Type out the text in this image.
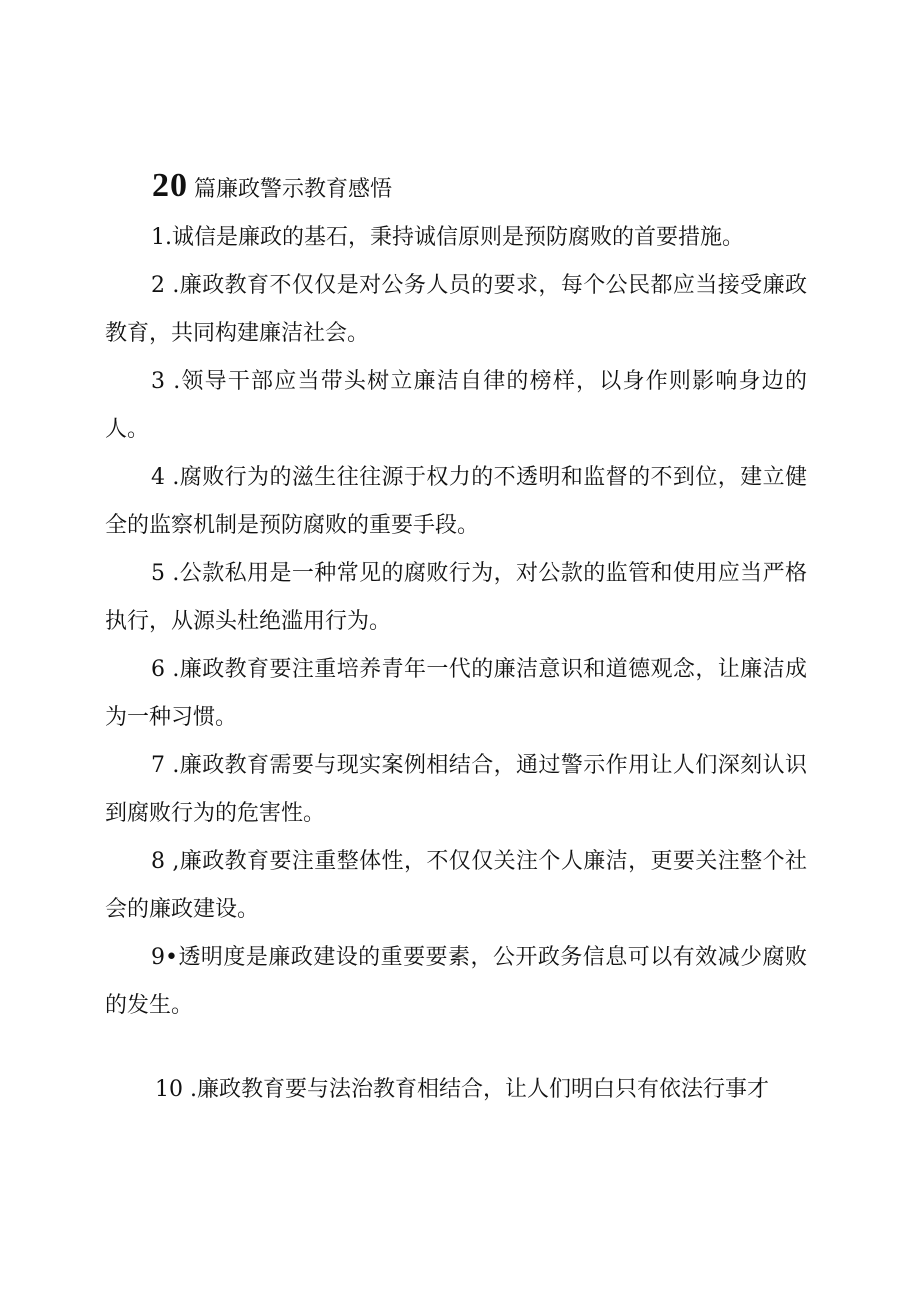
20 篇廉政警示教育感悟

1.诚信是廉政的基石，秉持诚信原则是预防腐败的首要措施。

2 .廉政教育不仅仅是对公务人员的要求，每个公民都应当接受廉政教育，共同构建廉洁社会。

3 .领导干部应当带头树立廉洁自律的榜样，以身作则影响身边的人。

4 .腐败行为的滋生往往源于权力的不透明和监督的不到位，建立健全的监察机制是预防腐败的重要手段。

5 .公款私用是一种常见的腐败行为，对公款的监管和使用应当严格执行，从源头杜绝滥用行为。

6 .廉政教育要注重培养青年一代的廉洁意识和道德观念，让廉洁成为一种习惯。

7 .廉政教育需要与现实案例相结合，通过警示作用让人们深刻认识到腐败行为的危害性。

8 ,廉政教育要注重整体性，不仅仅关注个人廉洁，更要关注整个社会的廉政建设。

9•透明度是廉政建设的重要要素，公开政务信息可以有效减少腐败的发生。

10 .廉政教育要与法治教育相结合，让人们明白只有依法行事才
